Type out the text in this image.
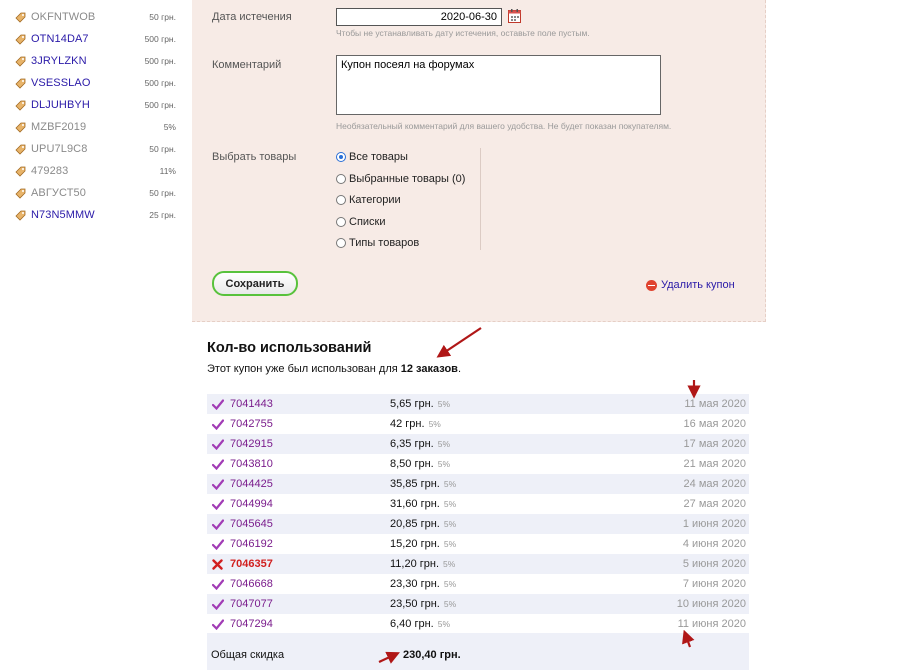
OKFNTWOB	50 грн.
OTN14DA7	500 грн.
3JRYLZKN	500 грн.
VSESSLAO	500 грн.
DLJUHBYH	500 грн.
MZBF2019	5%
UPU7L9C8	50 грн.
479283	11%
АВГУСТ50	50 грн.
N73N5MMW	25 грн.
Дата истечения
2020-06-30
Чтобы не устанавливать дату истечения, оставьте поле пустым.
Комментарий
Купон посеял на форумах
Необязательный комментарий для вашего удобства. Не будет показан покупателям.
Выбрать товары	Все товары
Выбранные товары (0)
Категории
Списки
Типы товаров
Сохранить	Удалить купон
Кол-во использований
Этот купон уже был использован для 12 заказов.
7041443	5,65 грн. 5%	11 мая 2020
7042755	42 грн. 5%	16 мая 2020
7042915	6,35 грн. 5%	17 мая 2020
7043810	8,50 грн. 5%	21 мая 2020
7044425	35,85 грн. 5%	24 мая 2020
7044994	31,60 грн. 5%	27 мая 2020
7045645	20,85 грн. 5%	1 июня 2020
7046192	15,20 грн. 5%	4 июня 2020
7046357	11,20 грн. 5%	5 июня 2020
7046668	23,30 грн. 5%	7 июня 2020
7047077	23,50 грн. 5%	10 июня 2020
7047294	6,40 грн. 5%	11 июня 2020
Общая скидка	230,40 грн.
